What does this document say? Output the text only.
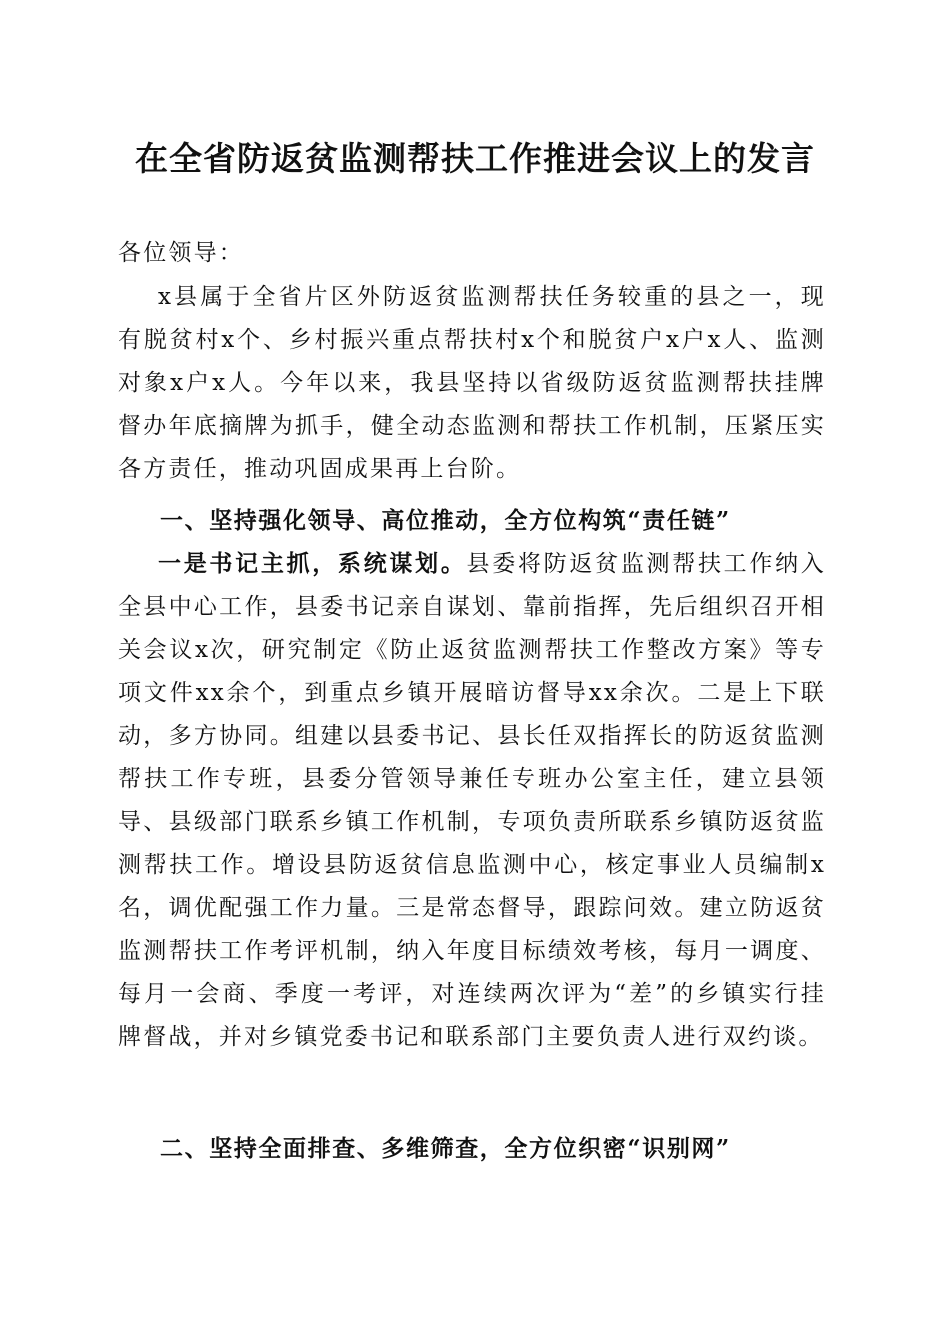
在全省防返贫监测帮扶工作推进会议上的发言
各位领导：
x县属于全省片区外防返贫监测帮扶任务较重的县之一，现有脱贫村x个、乡村振兴重点帮扶村x个和脱贫户x户x人、监测对象x户x人。今年以来，我县坚持以省级防返贫监测帮扶挂牌督办年底摘牌为抓手，健全动态监测和帮扶工作机制，压紧压实各方责任，推动巩固成果再上台阶。
一、坚持强化领导、高位推动，全方位构筑“责任链”
一是书记主抓，系统谋划。县委将防返贫监测帮扶工作纳入全县中心工作，县委书记亲自谋划、靠前指挥，先后组织召开相关会议x次，研究制定《防止返贫监测帮扶工作整改方案》等专项文件xx余个，到重点乡镇开展暗访督导xx余次。二是上下联动，多方协同。组建以县委书记、县长任双指挥长的防返贫监测帮扶工作专班，县委分管领导兼任专班办公室主任，建立县领导、县级部门联系乡镇工作机制，专项负责所联系乡镇防返贫监测帮扶工作。增设县防返贫信息监测中心，核定事业人员编制x名，调优配强工作力量。三是常态督导，跟踪问效。建立防返贫监测帮扶工作考评机制，纳入年度目标绩效考核，每月一调度、每月一会商、季度一考评，对连续两次评为“差”的乡镇实行挂牌督战，并对乡镇党委书记和联系部门主要负责人进行双约谈。
二、坚持全面排查、多维筛查，全方位织密“识别网”
